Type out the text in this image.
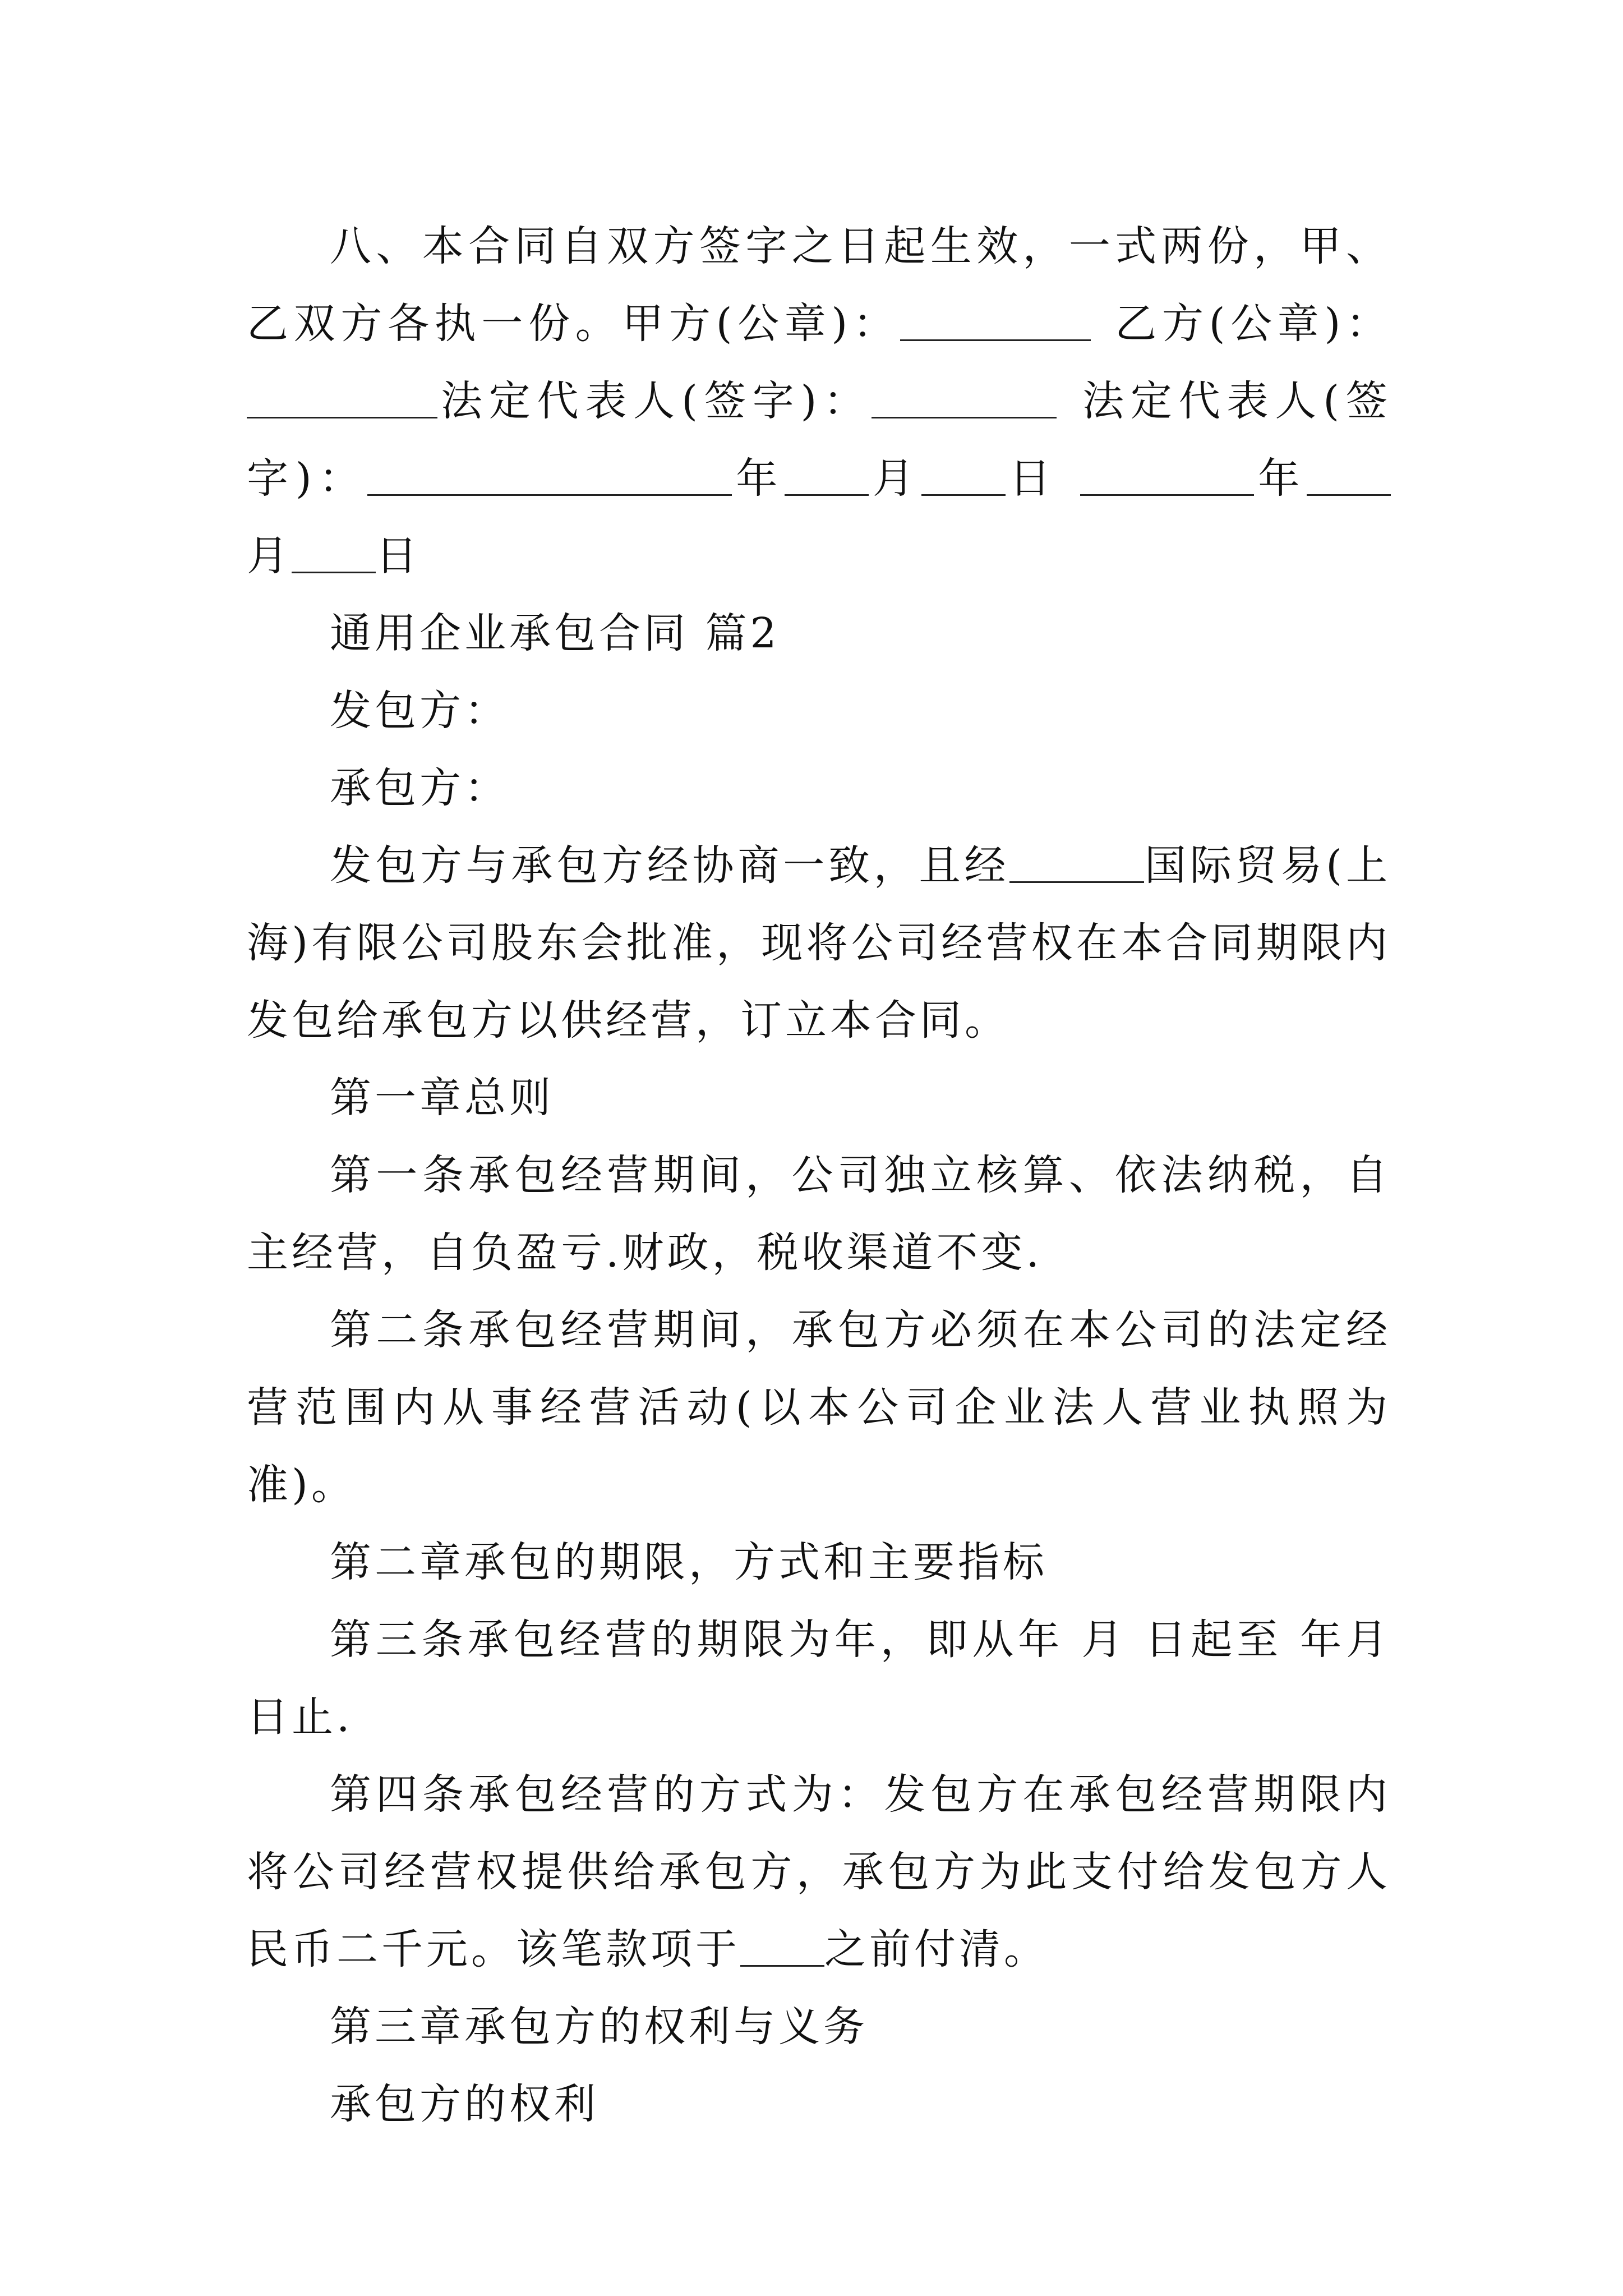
八、本合同自双方签字之日起生效，一式两份，甲、乙双方各执一份。甲方(公章)：	乙方(公章)：法定代表人(签字)：	法定代表人(签字)：	年 月 日	年月 日

通用企业承包合同 篇2

发包方：

承包方：

发包方与承包方经协商一致，且经	国际贸易(上海)有限公司股东会批准，现将公司经营权在本合同期限内发包给承包方以供经营，订立本合同。

第一章总则

第一条承包经营期间，公司独立核算、依法纳税，自主经营，自负盈亏.财政，税收渠道不变.

第二条承包经营期间，承包方必须在本公司的法定经营范围内从事经营活动(以本公司企业法人营业执照为准)。

第二章承包的期限，方式和主要指标

第三条承包经营的期限为年，即从年 月 日起至 年月日止.

第四条承包经营的方式为：发包方在承包经营期限内将公司经营权提供给承包方，承包方为此支付给发包方人民币二千元。该笔款项于 之前付清。

第三章承包方的权利与义务

承包方的权利
